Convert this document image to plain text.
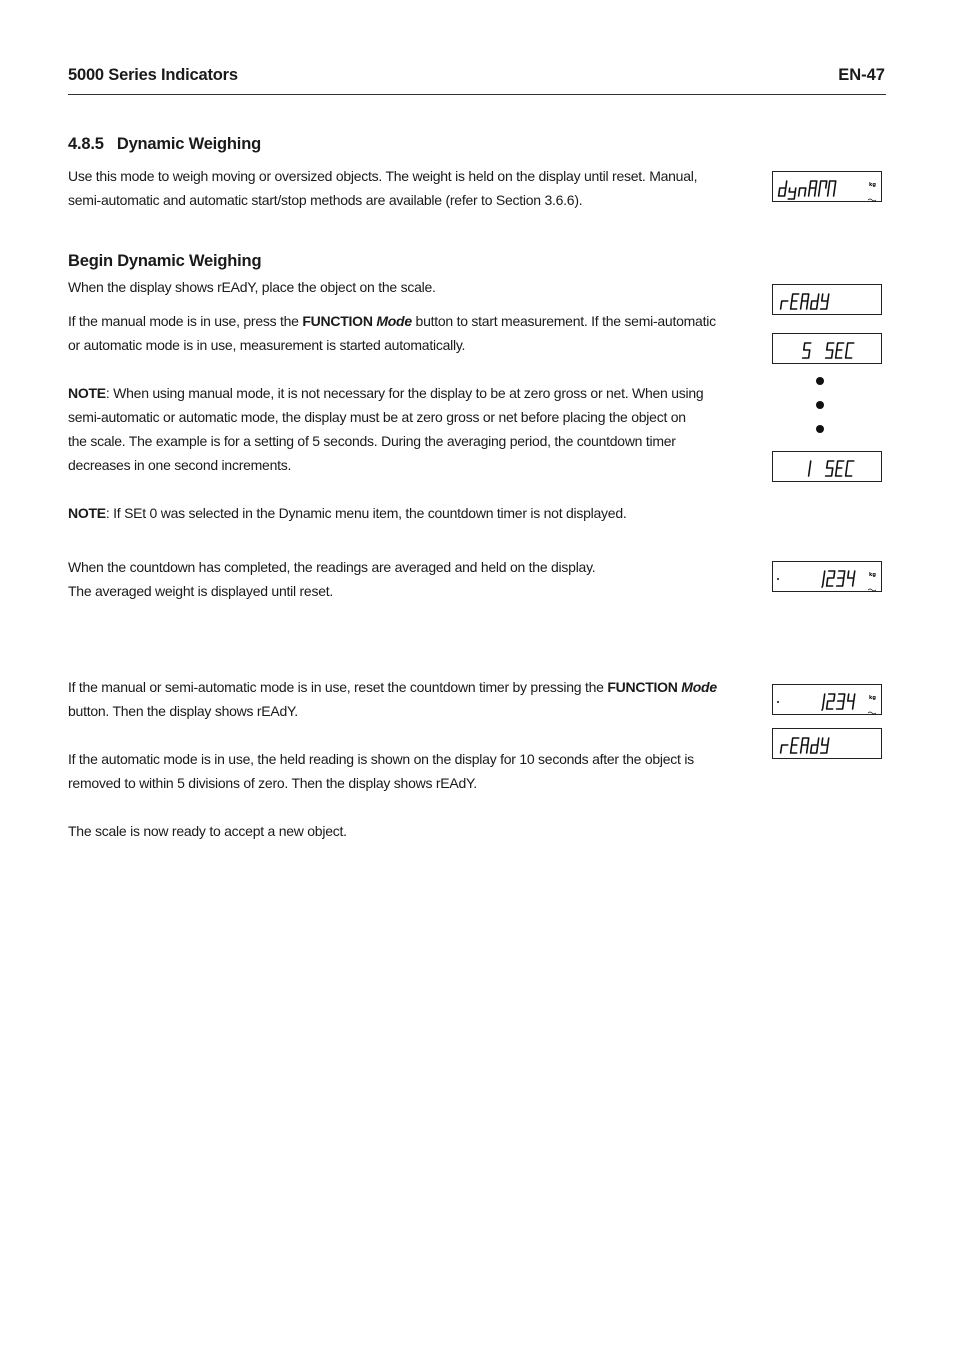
5000 Series Indicators	EN-47
4.8.5   Dynamic Weighing
Use this mode to weigh moving or oversized objects. The weight is held on the display until reset. Manual,
semi-automatic and automatic start/stop methods are available (refer to Section 3.6.6).
kg
Begin Dynamic Weighing
When the display shows rEAdY, place the object on the scale.
If the manual mode is in use, press the FUNCTION Mode button to start measurement. If the semi-automatic
or automatic mode is in use, measurement is started automatically.
NOTE: When using manual mode, it is not necessary for the display to be at zero gross or net. When using
semi-automatic or automatic mode, the display must be at zero gross or net before placing the object on
the scale. The example is for a setting of 5 seconds. During the averaging period, the countdown timer
decreases in one second increments.
NOTE: If SEt 0 was selected in the Dynamic menu item, the countdown timer is not displayed.
When the countdown has completed, the readings are averaged and held on the display.
The averaged weight is displayed until reset.
kg
If the manual or semi-automatic mode is in use, reset the countdown timer by pressing the FUNCTION Mode
button. Then the display shows rEAdY.
kg
If the automatic mode is in use, the held reading is shown on the display for 10 seconds after the object is
removed to within 5 divisions of zero. Then the display shows rEAdY.
The scale is now ready to accept a new object.
